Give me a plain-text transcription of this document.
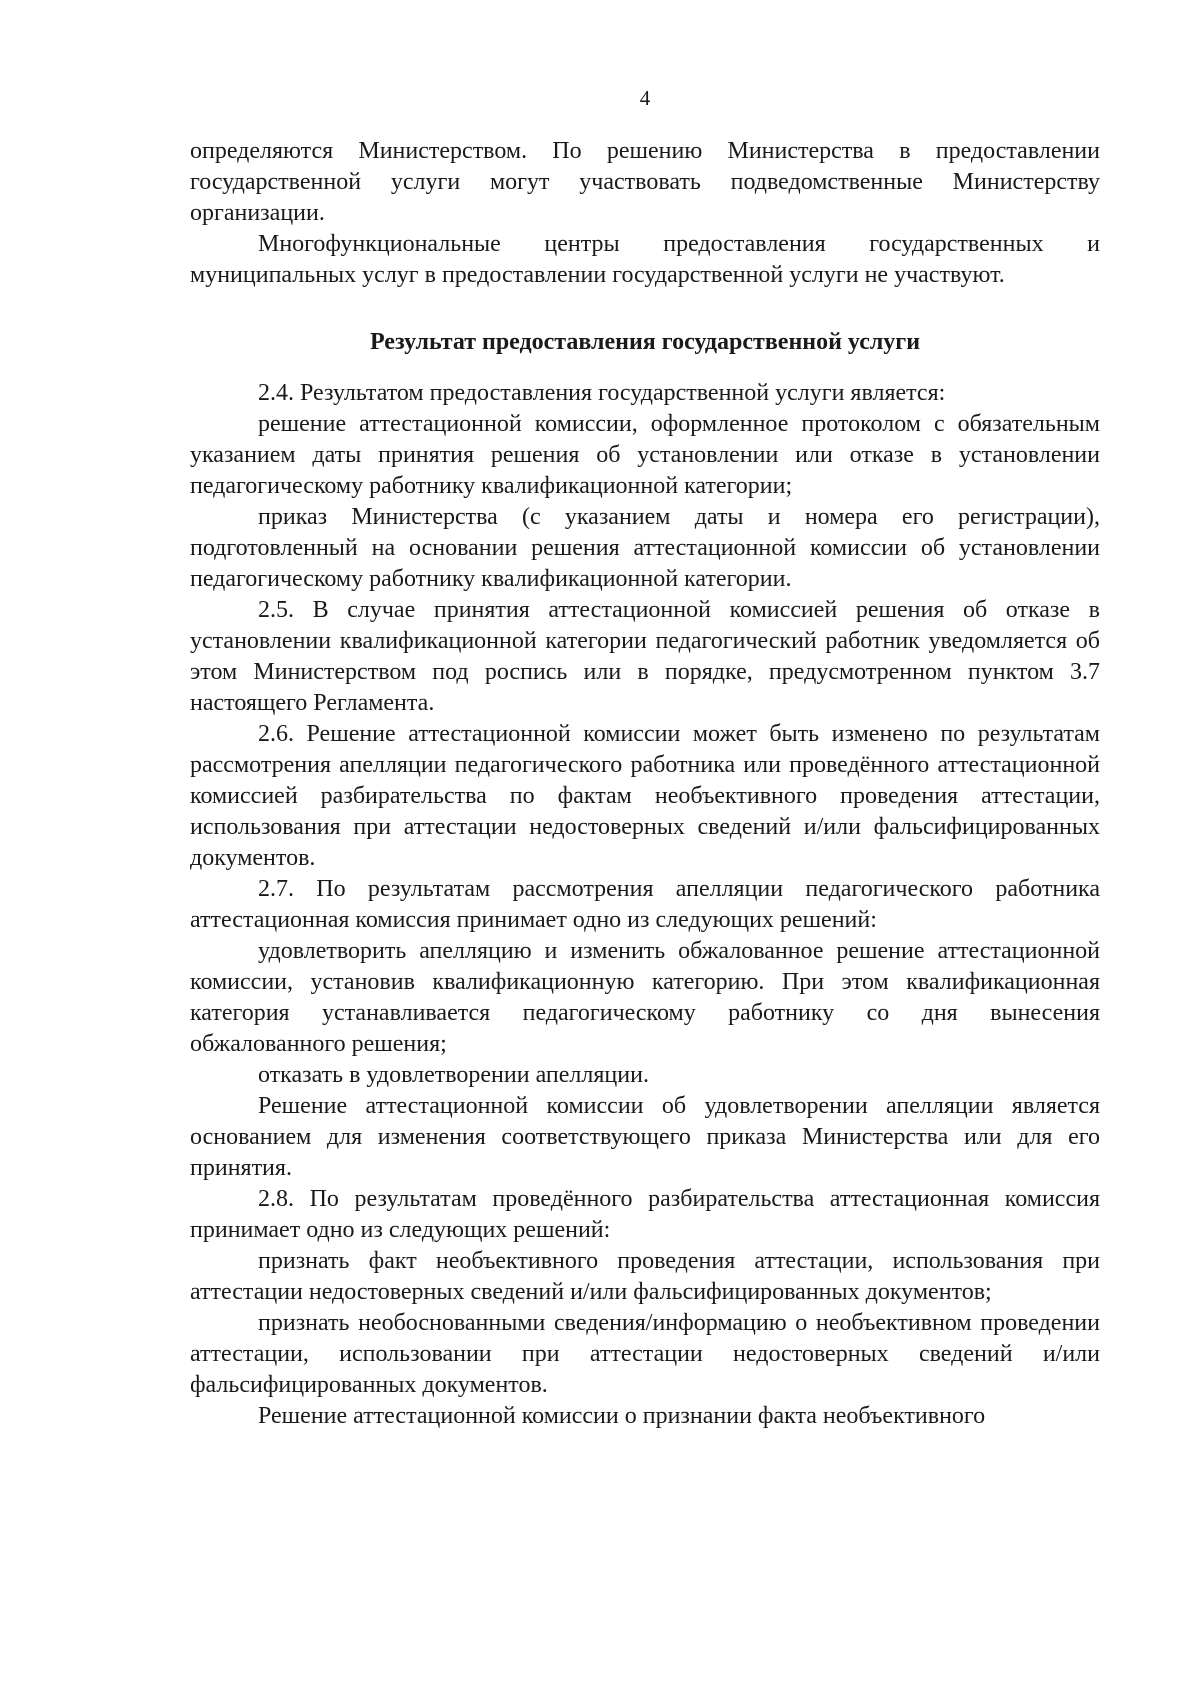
4

определяются Министерством. По решению Министерства в предоставлении государственной услуги могут участвовать подведомственные Министерству организации.

Многофункциональные центры предоставления государственных и муниципальных услуг в предоставлении государственной услуги не участвуют.

Результат предоставления государственной услуги

2.4. Результатом предоставления государственной услуги является:

решение аттестационной комиссии, оформленное протоколом с обязательным указанием даты принятия решения об установлении или отказе в установлении педагогическому работнику квалификационной категории;

приказ Министерства (с указанием даты и номера его регистрации), подготовленный на основании решения аттестационной комиссии об установлении педагогическому работнику квалификационной категории.

2.5. В случае принятия аттестационной комиссией решения об отказе в установлении квалификационной категории педагогический работник уведомляется об этом Министерством под роспись или в порядке, предусмотренном пунктом 3.7 настоящего Регламента.

2.6. Решение аттестационной комиссии может быть изменено по результатам рассмотрения апелляции педагогического работника или проведённого аттестационной комиссией разбирательства по фактам необъективного проведения аттестации, использования при аттестации недостоверных сведений и/или фальсифицированных документов.

2.7. По результатам рассмотрения апелляции педагогического работника аттестационная комиссия принимает одно из следующих решений:

удовлетворить апелляцию и изменить обжалованное решение аттестационной комиссии, установив квалификационную категорию. При этом квалификационная категория устанавливается педагогическому работнику со дня вынесения обжалованного решения;

отказать в удовлетворении апелляции.

Решение аттестационной комиссии об удовлетворении апелляции является основанием для изменения соответствующего приказа Министерства или для его принятия.

2.8. По результатам проведённого разбирательства аттестационная комиссия принимает одно из следующих решений:

признать факт необъективного проведения аттестации, использования при аттестации недостоверных сведений и/или фальсифицированных документов;

признать необоснованными сведения/информацию о необъективном проведении аттестации, использовании при аттестации недостоверных сведений и/или фальсифицированных документов.

Решение аттестационной комиссии о признании факта необъективного
